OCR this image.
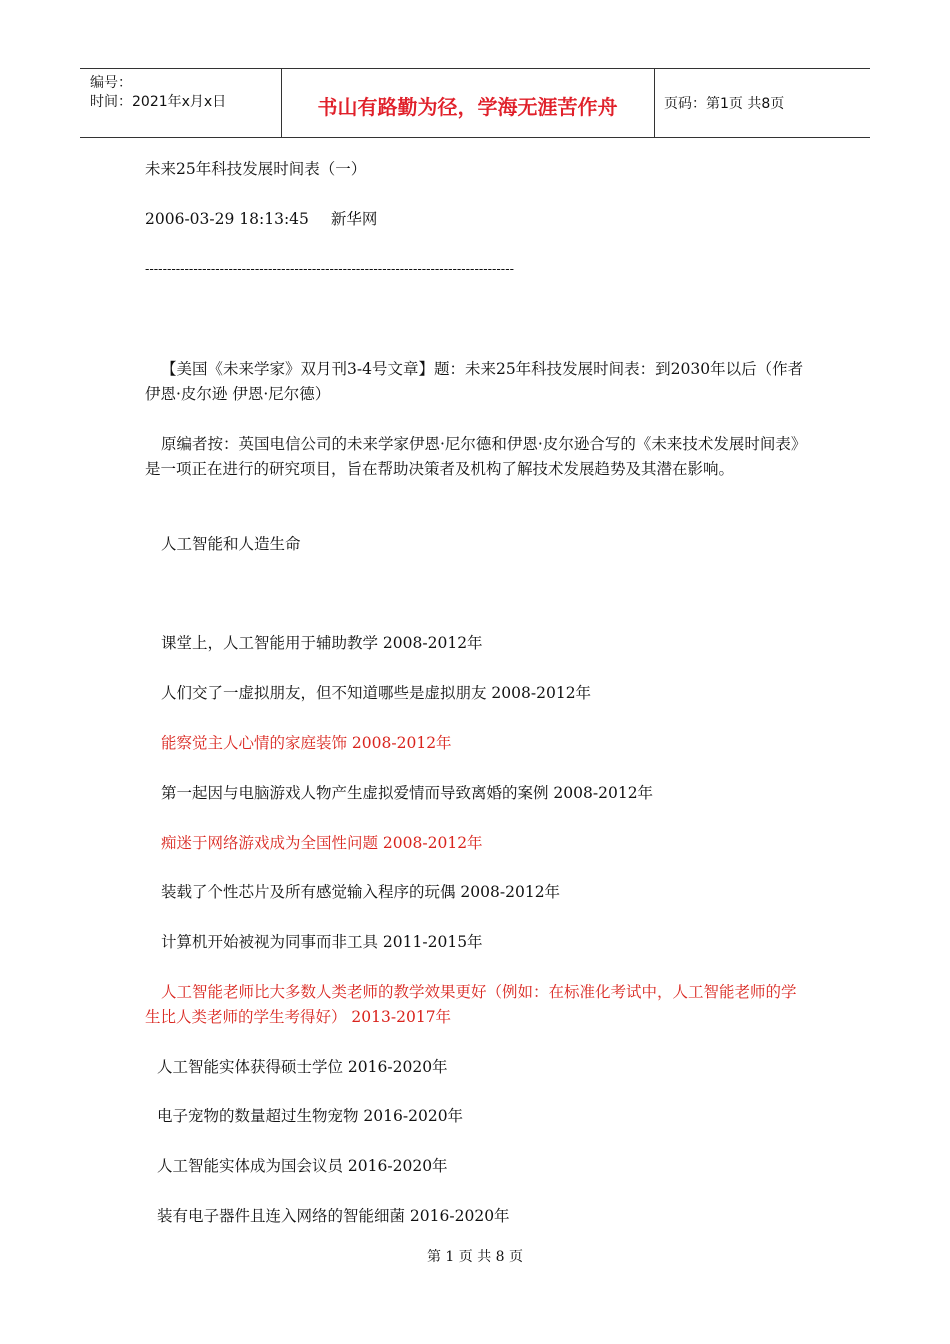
编号：
时间：2021年x月x日	书山有路勤为径，学海无涯苦作舟	页码：第1页 共8页
未来25年科技发展时间表（一）
2006-03-29 18:13:45 新华网
------------------------------------------------------------------------------------
【美国《未来学家》双月刊3-4号文章】题：未来25年科技发展时间表：到2030年以后（作者 伊恩·皮尔逊 伊恩·尼尔德）
原编者按：英国电信公司的未来学家伊恩·尼尔德和伊恩·皮尔逊合写的《未来技术发展时间表》是一项正在进行的研究项目，旨在帮助决策者及机构了解技术发展趋势及其潜在影响。
人工智能和人造生命
课堂上，人工智能用于辅助教学 2008-2012年
人们交了一虚拟朋友，但不知道哪些是虚拟朋友 2008-2012年
能察觉主人心情的家庭装饰 2008-2012年
第一起因与电脑游戏人物产生虚拟爱情而导致离婚的案例 2008-2012年
痴迷于网络游戏成为全国性问题 2008-2012年
装载了个性芯片及所有感觉输入程序的玩偶 2008-2012年
计算机开始被视为同事而非工具 2011-2015年
人工智能老师比大多数人类老师的教学效果更好（例如：在标准化考试中，人工智能老师的学生比人类老师的学生考得好） 2013-2017年
人工智能实体获得硕士学位 2016-2020年
电子宠物的数量超过生物宠物 2016-2020年
人工智能实体成为国会议员 2016-2020年
装有电子器件且连入网络的智能细菌 2016-2020年
第 1 页 共 8 页
